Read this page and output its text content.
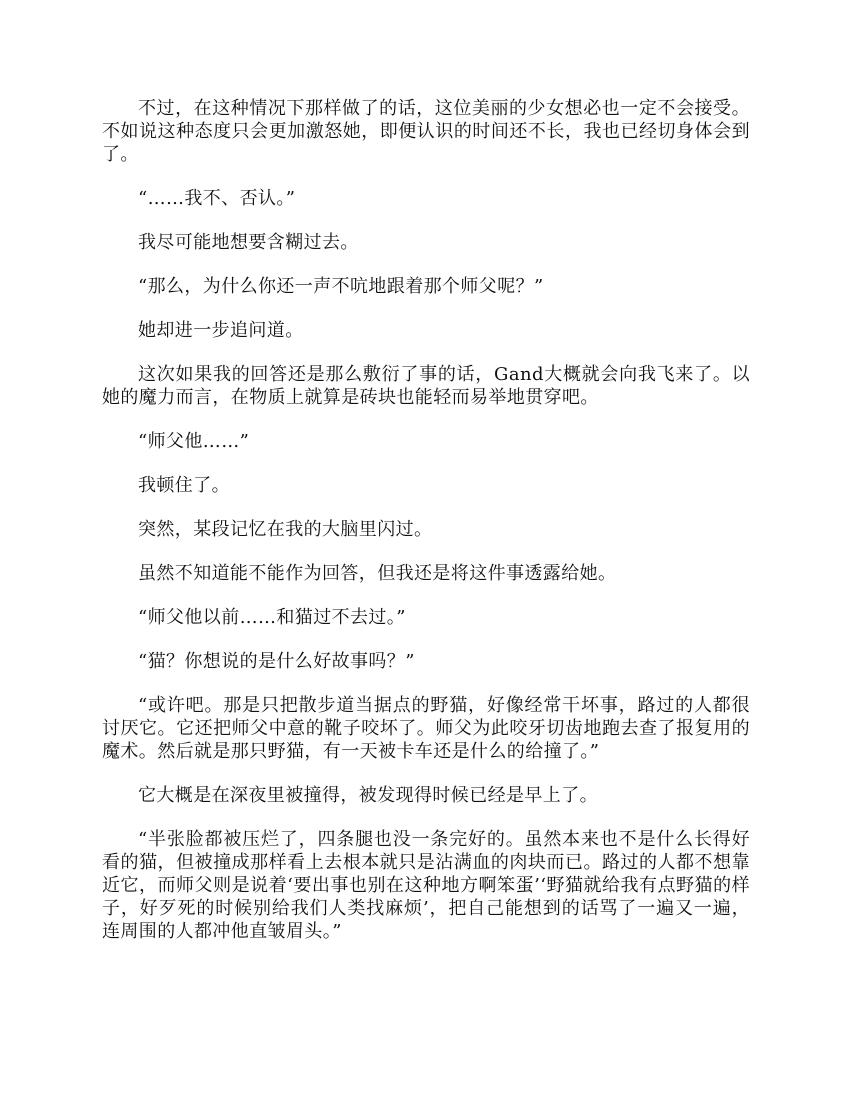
不过，在这种情况下那样做了的话，这位美丽的少女想必也一定不会接受。不如说这种态度只会更加激怒她，即便认识的时间还不长，我也已经切身体会到了。

“……我不、否认。”

我尽可能地想要含糊过去。

“那么，为什么你还一声不吭地跟着那个师父呢？”

她却进一步追问道。

这次如果我的回答还是那么敷衍了事的话，Gand大概就会向我飞来了。以她的魔力而言，在物质上就算是砖块也能轻而易举地贯穿吧。

“师父他……”

我顿住了。

突然，某段记忆在我的大脑里闪过。

虽然不知道能不能作为回答，但我还是将这件事透露给她。

“师父他以前……和猫过不去过。”

“猫？你想说的是什么好故事吗？”

“或许吧。那是只把散步道当据点的野猫，好像经常干坏事，路过的人都很讨厌它。它还把师父中意的靴子咬坏了。师父为此咬牙切齿地跑去查了报复用的魔术。然后就是那只野猫，有一天被卡车还是什么的给撞了。”

它大概是在深夜里被撞得，被发现得时候已经是早上了。

“半张脸都被压烂了，四条腿也没一条完好的。虽然本来也不是什么长得好看的猫，但被撞成那样看上去根本就只是沾满血的肉块而已。路过的人都不想靠近它，而师父则是说着‘要出事也别在这种地方啊笨蛋’‘野猫就给我有点野猫的样子，好歹死的时候别给我们人类找麻烦’，把自己能想到的话骂了一遍又一遍，连周围的人都冲他直皱眉头。”
